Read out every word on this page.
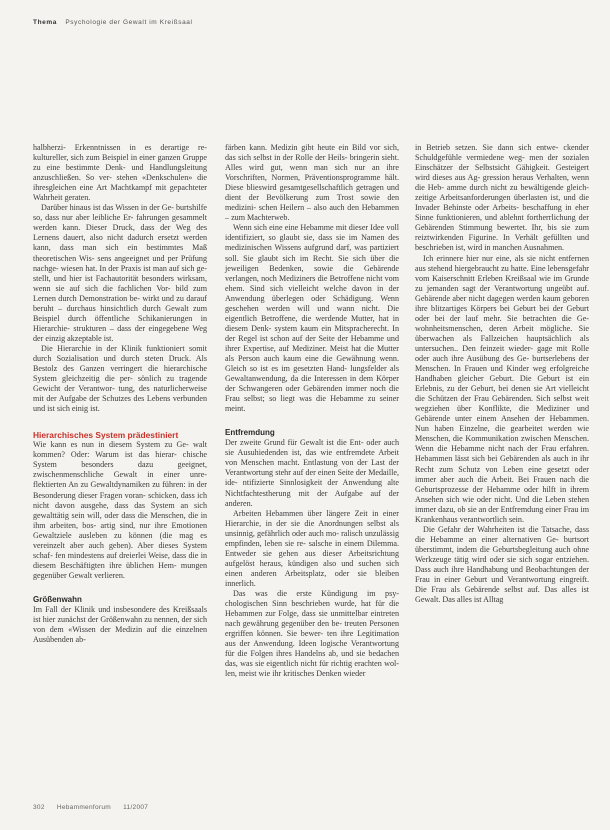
Thema Psychologie der Gewalt im Kreißsaal

halbherzi- Erkenntnissen in es derartige re- kultureller, sich zum Beispiel in einer ganzen Gruppe zu eine bestimmte Denk- und Handlungsleitung anzuschließen. So ver- stehen «Denkschulen» die ihresgleichen eine Art Machtkampf mit gepachteter Wahrheit geraten.

Darüber hinaus ist das Wissen in der Ge- burtshilfe so, dass nur aber leibliche Er- fahrungen gesammelt werden kann. Dieser Druck, dass der Weg des Lernens dauert, also nicht dadurch ersetzt werden kann, dass man sich ein bestimmtes Maß theoretischen Wis- sens angeeignet und per Prüfung nachge- wiesen hat. In der Praxis ist man auf sich ge- stellt, und hier ist Fachautorität besonders wirksam, wenn sie auf sich die fachlichen Vor- bild zum Lernen durch Demonstration be- wirkt und zu darauf beruht – durchaus hinsichtlich durch Gewalt zum Beispiel durch öffentliche Schikanierungen in Hierarchie- strukturen – dass der eingegebene Weg der einzig akzeptable ist.

Die Hierarchie in der Klinik funktioniert somit durch Sozialisation und durch steten Druck. Als Bestolz des Ganzen verringert die hierarchische System gleichzeitig die per- sönlich zu tragende Gewicht der Verantwor- tung, des naturlicherweise mit der Aufgabe der Schutzes des Lebens verbunden und ist sich einig ist.

Hierarchisches System prädestiniert

Wie kann es nun in diesem System zu Ge- walt kommen? Oder: Warum ist das hierar- chische System besonders dazu geeignet, zwischenmenschliche Gewalt in einer unre- flektierten An zu Gewaltdynamiken zu führen: in der Besonderung dieser Fragen voran- schicken, dass ich nicht davon ausgehe, dass das System an sich gewalttätig sein will, oder dass die Menschen, die in ihm arbeiten, bos- artig sind, nur ihre Emotionen Gewaltziele ausleben zu können (die mag es vereinzelt aber auch geben). Aber dieses System schaf- fen mindestens auf dreierlei Weise, dass die in diesem Beschäftigten ihre üblichen Hem- mungen gegenüber Gewalt verlieren.

Größenwahn

Im Fall der Klinik und insbesondere des Kreißsaals ist hier zunächst der Größenwahn zu nennen, der sich von dem «Wissen der Medizin auf die einzelnen Ausübenden ab-

färben kann. Medizin gibt heute ein Bild vor sich, das sich selbst in der Rolle der Heils- bringerin sieht. Alles wird gut, wenn man sich nur an ihre Vorschriften, Normen, Präventionsprogramme hält. Diese blieswird gesamtgesellschaftlich getragen und dient der Bevölkerung zum Trost sowie den medizini- schen Heilern – also auch den Hebammen – zum Machterweb.

Wenn sich eine eine Hebamme mit dieser Idee voll identifiziert, so glaubt sie, dass sie im Namen des medizinischen Wissens aufgrund darf, was partiziert soll. Sie glaubt sich im Recht. Sie sich über die jeweiligen Bedenken, sowie die Gebärende verlangen, noch Mediziners die Betroffene nicht vom ehem. Sind sich vielleicht welche davon in der Anwendung überlegen oder Schädigung. Wenn geschehen werden will und wann nicht. Die eigentlich Betroffene, die werdende Mutter, hat in diesem Denk- system kaum ein Mitspracherecht. In der Regel ist schon auf der Seite der Hebamme und ihrer Expertise, auf Mediziner. Meist hat die Mutter als Person auch kaum eine die Gewähnung wenn. Gleich so ist es im gesetzten Hand- lungsfelder als Gewaltanwendung, da die Interessen in dem Körper der Schwangeren oder Gebärenden immer noch die Frau selbst; so liegt was die Hebamme zu seiner meint.

Entfremdung

Der zweite Grund für Gewalt ist die Ent- oder auch sie Ausuhiedenden ist, das wie entfremdete Arbeit von Menschen macht. Entlastung von der Last der Verantwortung stehr auf der einen Seite der Medaille, ide- ntifizierte Sinnlosigkeit der Anwendung alte Nichtfachtestherung mit der Aufgabe auf der anderen.

Arbeiten Hebammen über längere Zeit in einer Hierarchie, in der sie die Anordnungen selbst als unsinnig, gefährlich oder auch mo- ralisch unzulässig empfinden, leben sie re- salsche in einem Dilemma. Entweder sie gehen aus dieser Arbeitsrichtung aufgelöst heraus, kündigen also und suchen sich einen anderen Arbeitsplatz, oder sie bleiben innerlich.

Das was die erste Kündigung im psy- chologischen Sinn beschrieben wurde, hat für die Hebammen zur Folge, dass sie unmittelbar eintreten nach gewährung gegenüber den be- treuten Personen ergriffen können. Sie bewer- ten ihre Legitimation aus der Anwendung. Ideen logische Verantwortung für die Folgen ihres Handelns ab, und sie bedachen das, was sie eigentlich nicht für richtig erachten wol- len, meist wie ihr kritisches Denken wieder

in Betrieb setzen. Sie dann sich entwe- ckender Schuldgefühle vermiedene weg- men der sozialen Einschätzer der Selbstsicht Gähigkeit. Gesteigert wird dieses aus Ag- gression heraus Verhalten, wenn die Heb- amme durch nicht zu bewältigende gleich- zeitige Arbeitsanforderungen überlasten ist, und die Invader Behinste oder Arbeits- beschaffung in eher Sinne funktionieren, und ablehnt fortherrlichung der Gebärenden Stimmung bewertet. Ihr, bis sie zum reiztwirkenden Figurine. In Verhält gefüllten und beschrieben ist, wird in manchen Ausnahmen.

Ich erinnere hier nur eine, als sie nicht entfernen aus stehend hiergebraucht zu hatte. Eine lebensgefahr vom Kaiserschnitt Erleben Kreißsaal wie im Grunde zu jemanden sagt der Verantwortung ungeübt auf. Gebärende aber nicht dagegen werden kaum geboren ihre blitzartiges Körpers bei Geburt bei der Geburt oder bei der lauf mehr. Sie betrachten die Ge- wohnheitsmenschen, deren Arbeit mögliche. Sie überwachen als Fallzeichen hauptsächlich als untersuchen.. Den feinzeit wieder- gage mit Rolle oder auch ihre Ausübung des Ge- burtserlebens der Menschen. In Frauen und Kinder weg erfolgreiche Handhaben gleicher Geburt. Die Geburt ist ein Erlebnis, zu der Geburt, bei denen sie Art vielleicht die Schützen der Frau Gebärenden. Sich selbst weit wegziehen über Konflikte, die Mediziner und Gebärende unter einem Ansehen der Hebammen. Nun haben Einzelne, die gearbeitet werden wie Menschen, die Kommunikation zwischen Menschen. Wenn die Hebamme nicht nach der Frau erfahren. Hebammen lässt sich bei Gebärenden als auch in ihr Recht zum Schutz von Leben eine gesetzt oder immer aber auch die Arbeit. Bei Frauen nach die Geburtsprozesse der Hebamme oder hilft in ihrem Ansehen sich wie oder nicht. Und die Leben stehen immer dazu, ob sie an der Entfremdung einer Frau im Krankenhaus verantwortlich sein.

Die Gefahr der Wahrheiten ist die Tatsache, dass die Hebamme an einer alternativen Ge- burtsort überstimmt, indem die Geburtsbegleitung auch ohne Werkzeuge tätig wird oder sie sich sogar entziehen. Dass auch ihre Handhabung und Beobachtungen der Frau in einer Geburt und Verantwortung eingreift. Die Frau als Gebärende selbst auf. Das alles ist Gewalt. Das alles ist Alltag

302 Hebammenforum 11/2007
